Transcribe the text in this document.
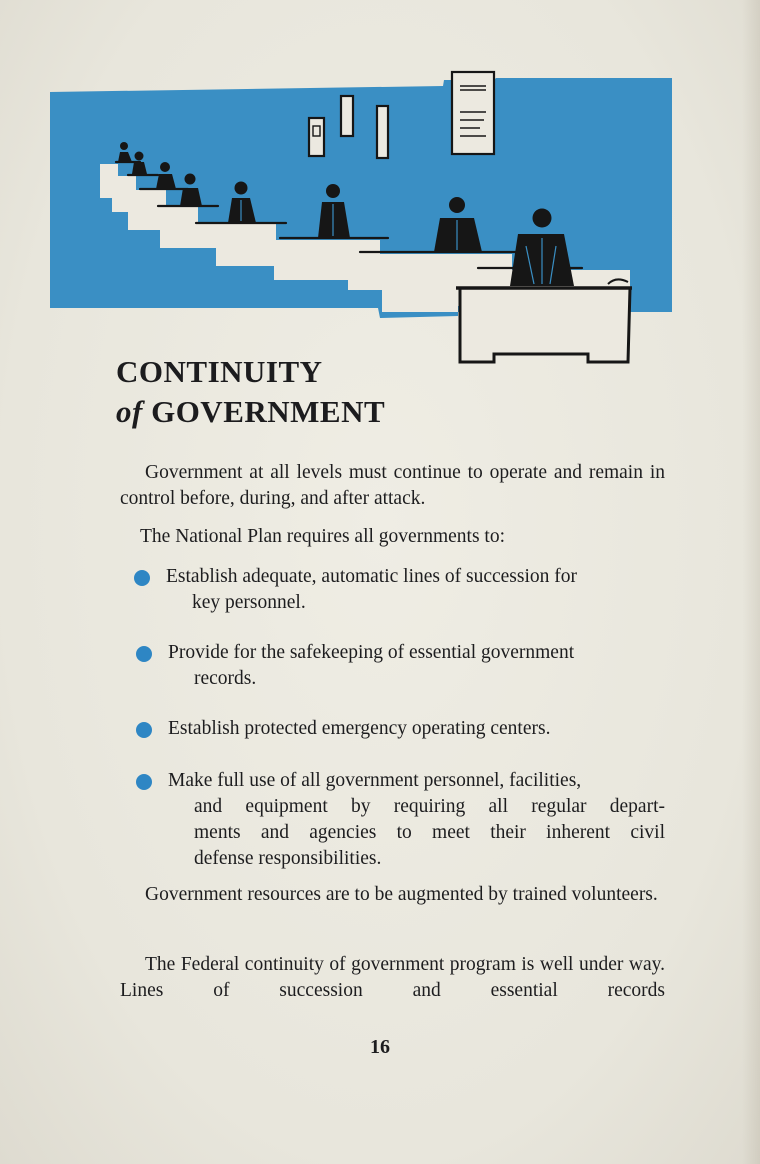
CONTINUITY
of GOVERNMENT
Government at all levels must continue to operate and remain in control before, during, and after attack.
The National Plan requires all governments to:
Establish adequate, automatic lines of succession for
key personnel.
Provide for the safekeeping of essential government
records.
Establish protected emergency operating centers.
Make full use of all government personnel, facilities,
and equipment by requiring all regular depart-
ments and agencies to meet their inherent civil
defense responsibilities.
Government resources are to be augmented by trained volunteers.
The Federal continuity of government program is well under way. Lines of succession and essential records
16
